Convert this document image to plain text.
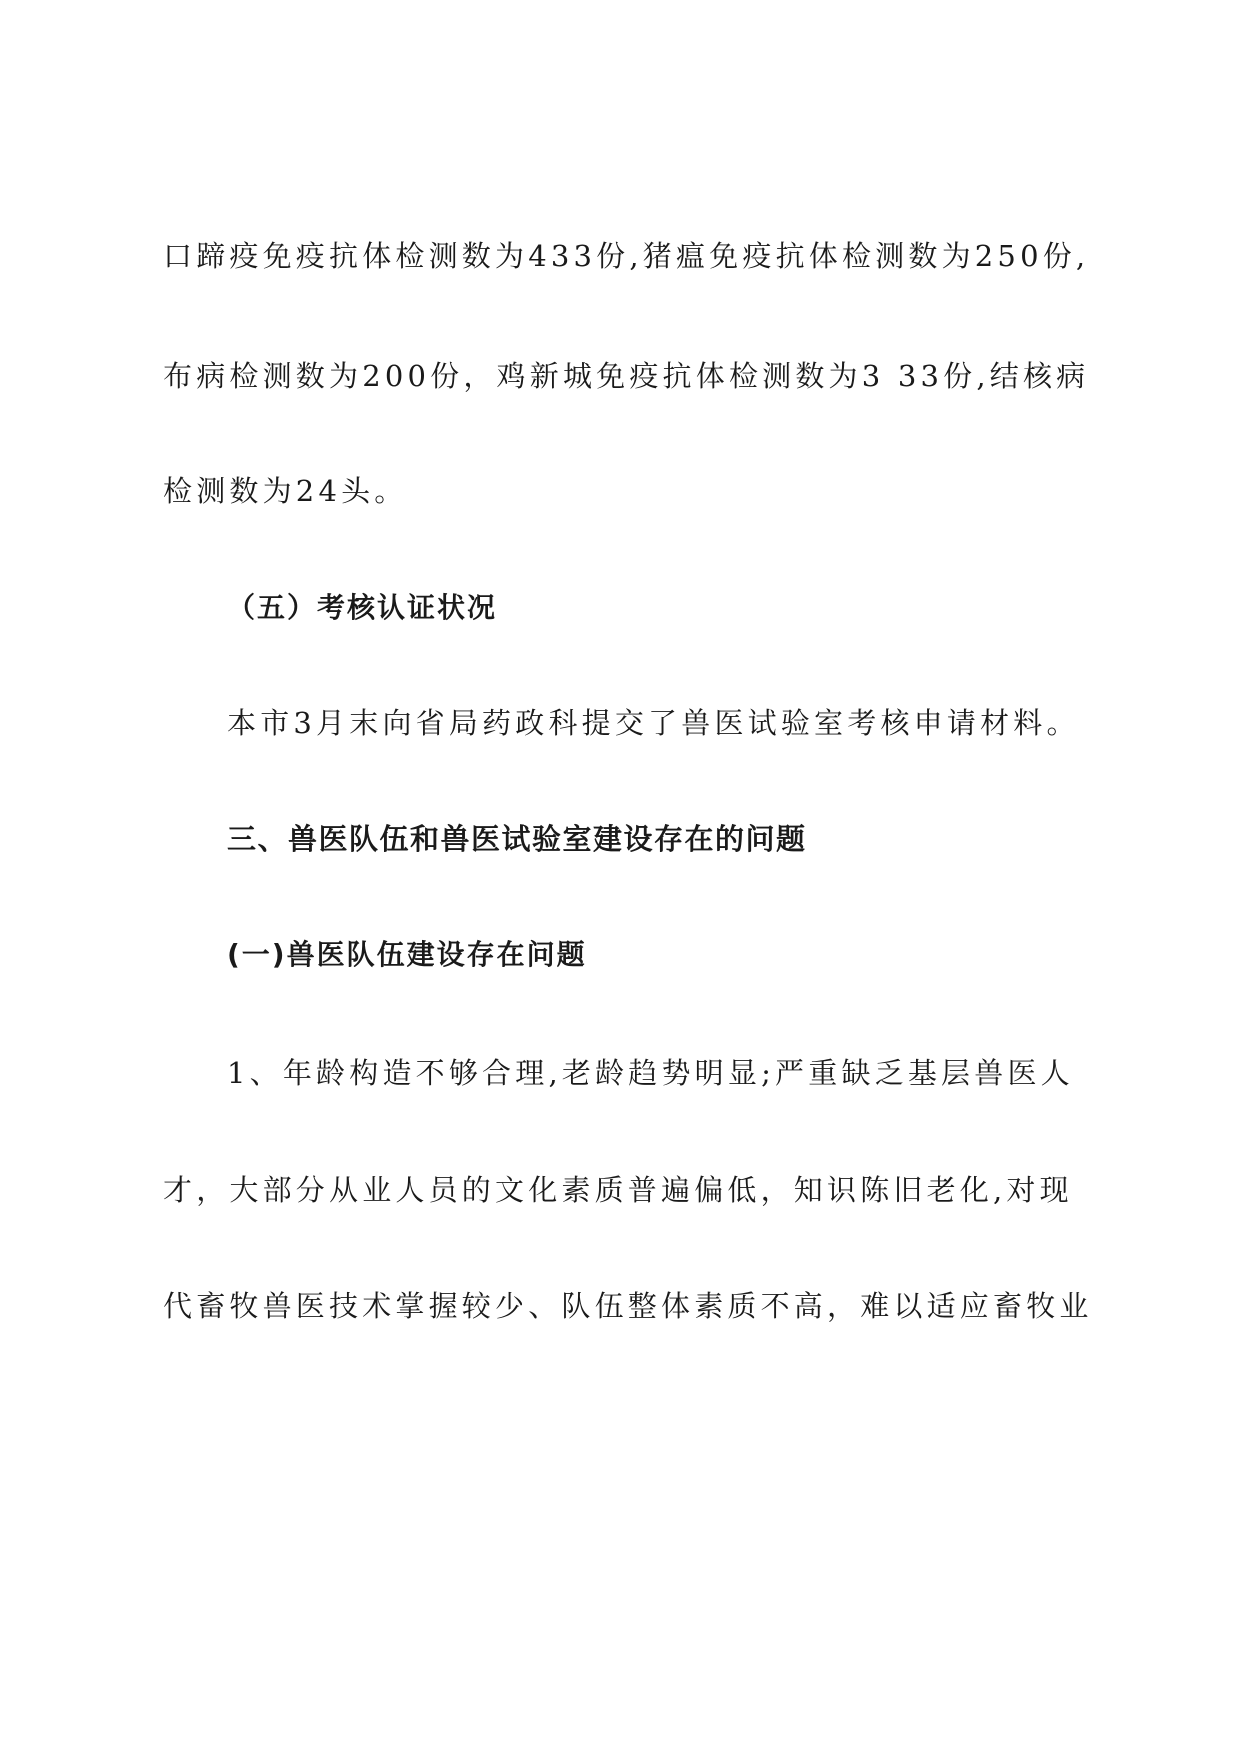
口蹄疫免疫抗体检测数为433份,猪瘟免疫抗体检测数为250份,
布病检测数为200份，鸡新城免疫抗体检测数为3 33份,结核病
检测数为24头。
（五）考核认证状况
本市3月末向省局药政科提交了兽医试验室考核申请材料。
三、兽医队伍和兽医试验室建设存在的问题
(一)兽医队伍建设存在问题
1、年龄构造不够合理,老龄趋势明显;严重缺乏基层兽医人
才，大部分从业人员的文化素质普遍偏低，知识陈旧老化,对现
代畜牧兽医技术掌握较少、队伍整体素质不高，难以适应畜牧业
